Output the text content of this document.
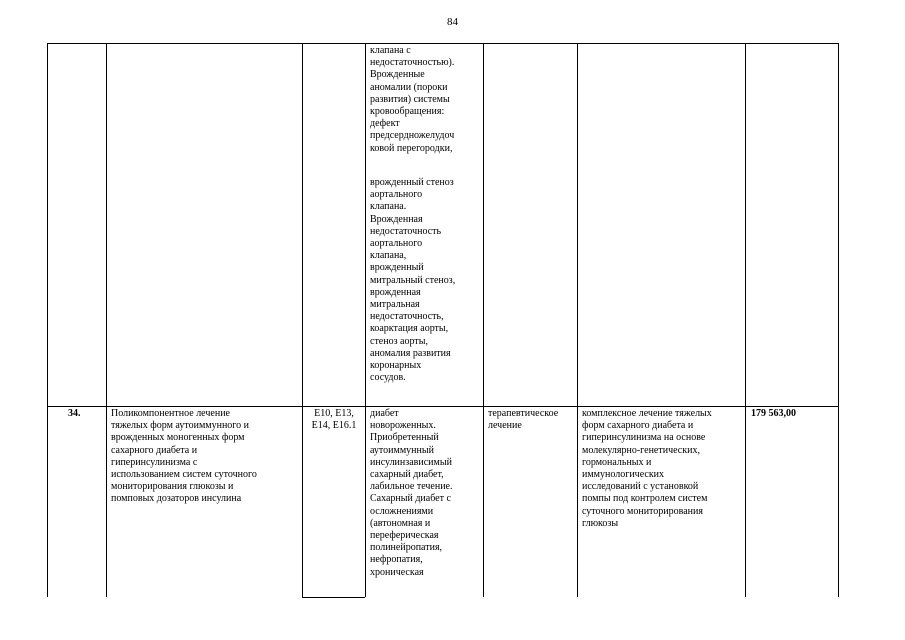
84
клапана с
недостаточностью).
Врожденные
аномалии (пороки
развития) системы
кровообращения:
дефект
предсердножелудоч
ковой перегородки,
врожденный стеноз
аортального
клапана.
Врожденная
недостаточность
аортального
клапана,
врожденный
митральный стеноз,
врожденная
митральная
недостаточность,
коарктация аорты,
стеноз аорты,
аномалия развития
коронарных
сосудов.
34.	Поликомпонентное лечение
тяжелых форм аутоиммунного и
врожденных моногенных форм
сахарного диабета и
гиперинсулинизма с
использованием систем суточного
мониторирования глюкозы и
помповых дозаторов инсулина
E10, E13,
E14, E16.1
диабет
новороженных.
Приобретенный
аутоиммунный
инсулинзависимый
сахарный диабет,
лабильное течение.
Сахарный диабет с
осложнениями
(автономная и
переферическая
полинейропатия,
нефропатия,
хроническая
терапевтическое
лечение
комплексное лечение тяжелых
форм сахарного диабета и
гиперинсулинизма на основе
молекулярно-генетических,
гормональных и
иммунологических
исследований с установкой
помпы под контролем систем
суточного мониторирования
глюкозы
179 563,00
